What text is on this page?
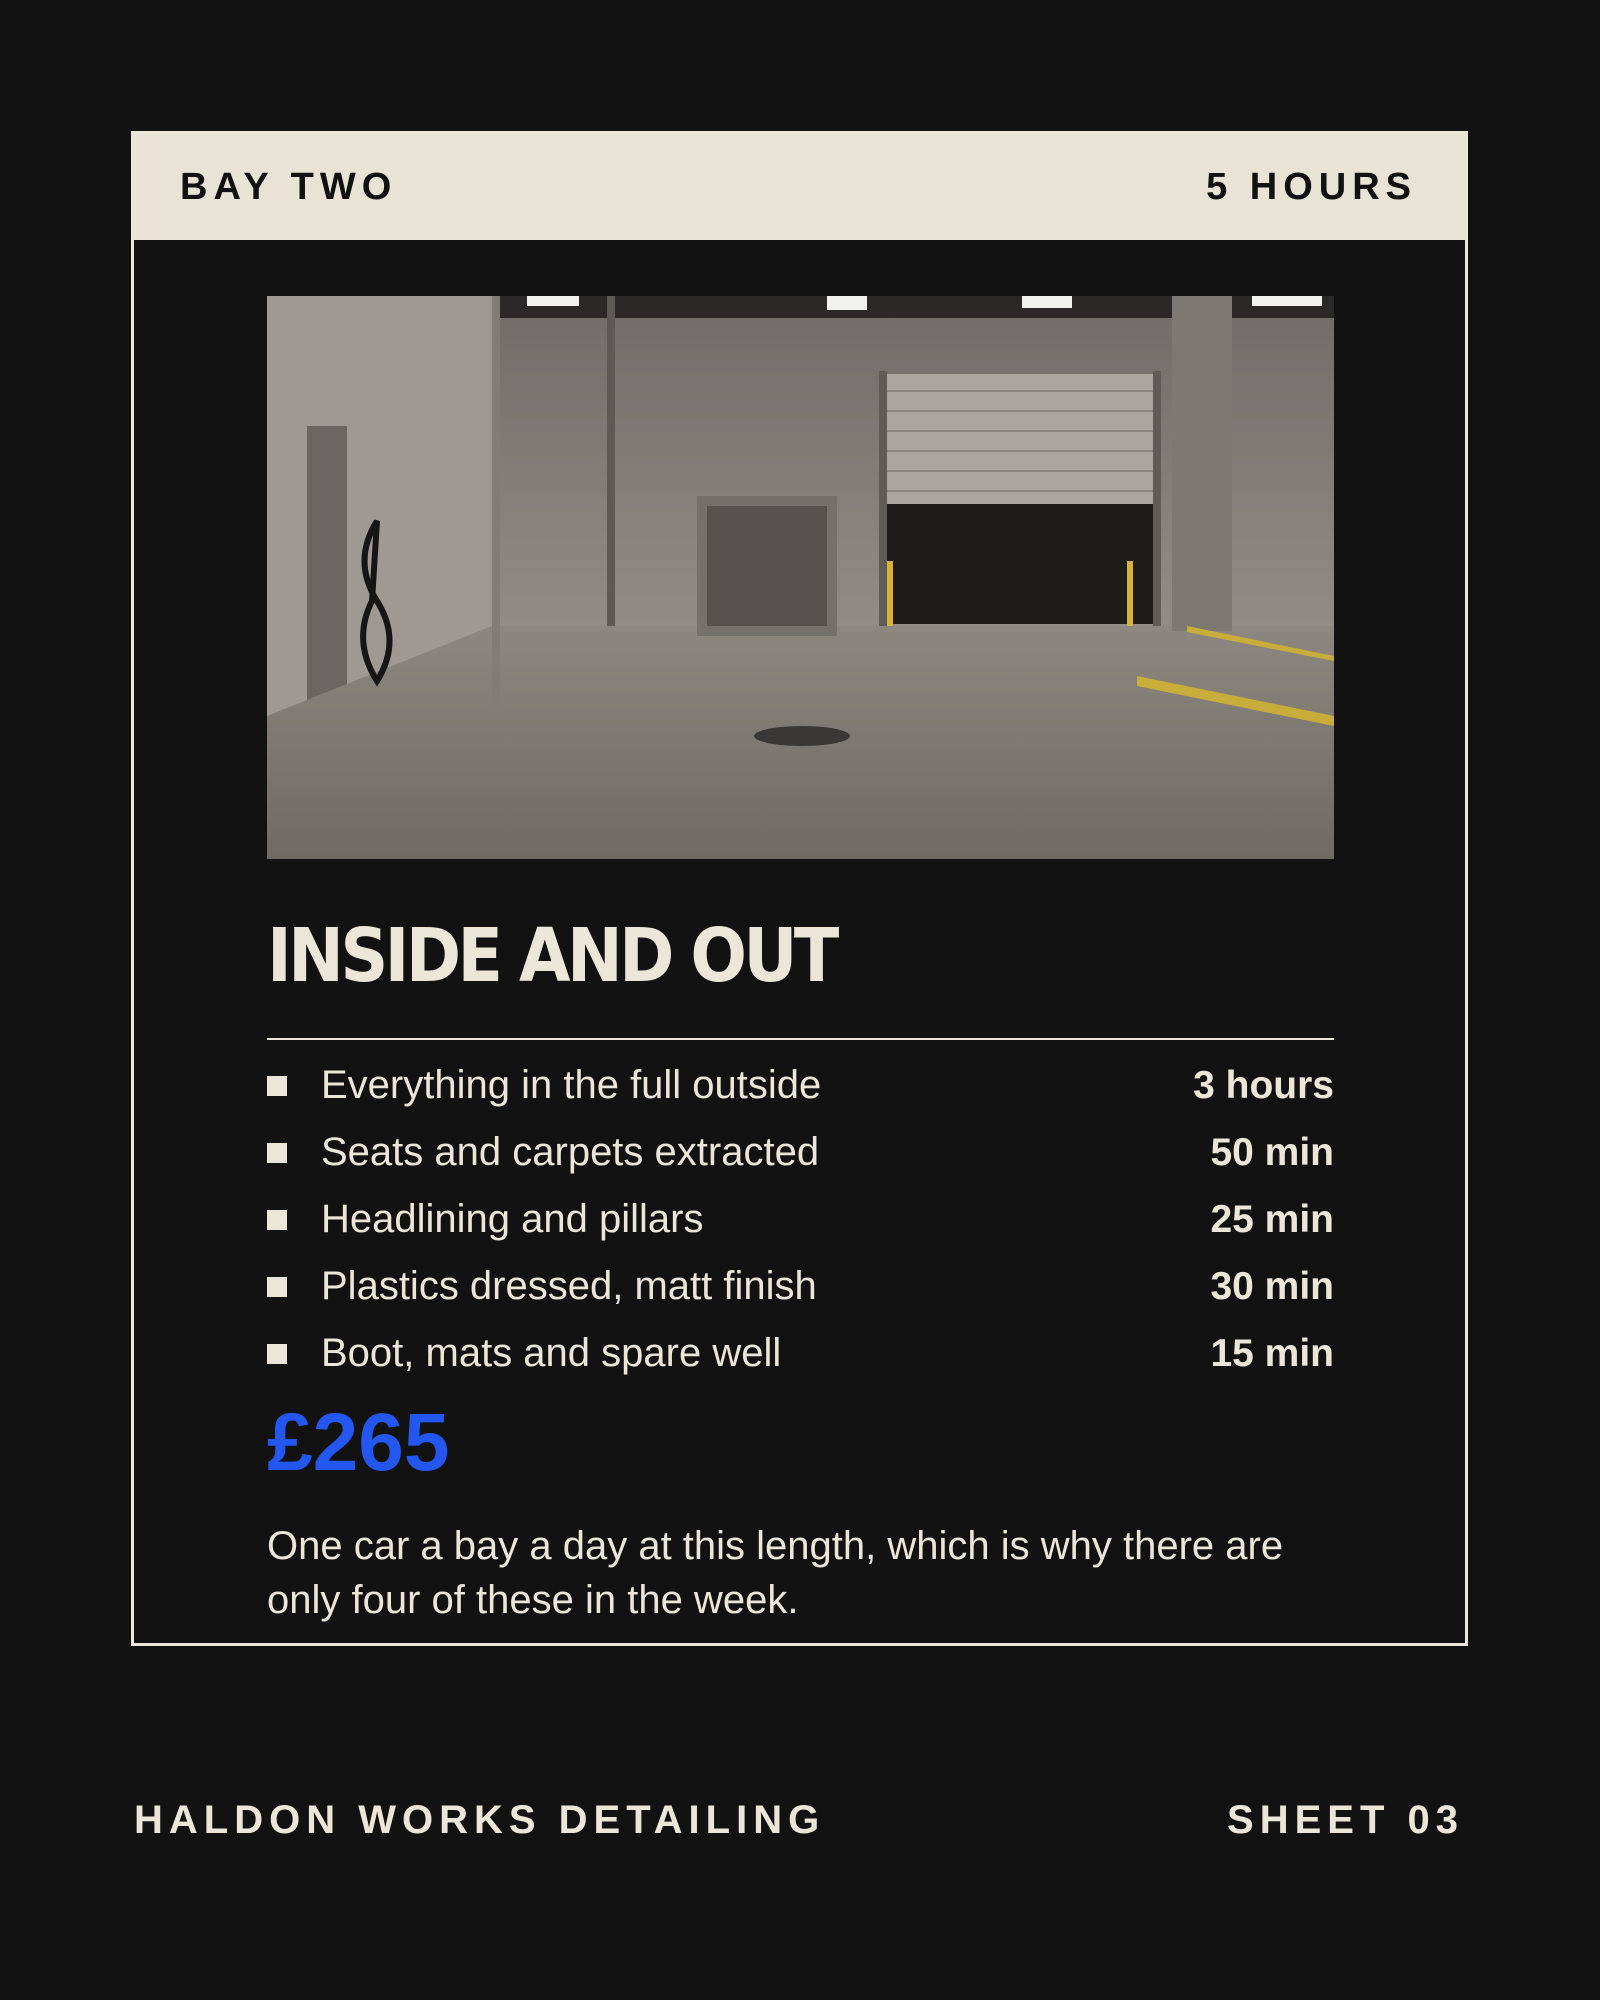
BAY TWO	5 HOURS
INSIDE AND OUT
Everything in the full outside	3 hours
Seats and carpets extracted	50 min
Headlining and pillars	25 min
Plastics dressed, matt finish	30 min
Boot, mats and spare well	15 min

£265

One car a bay a day at this length, which is why there are only four of these in the week.

HALDON WORKS DETAILING	SHEET 03
